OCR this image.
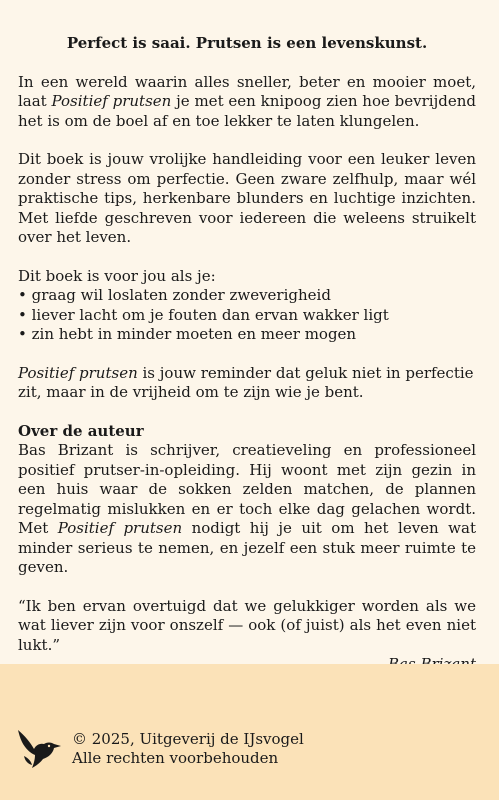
Perfect is saai. Prutsen is een levenskunst.

In een wereld waarin alles sneller, beter en mooier moet, laat Positief prutsen je met een knipoog zien hoe bevrijdend het is om de boel af en toe lekker te laten klungelen.

Dit boek is jouw vrolijke handleiding voor een leuker leven zonder stress om perfectie. Geen zware zelfhulp, maar wél praktische tips, herkenbare blunders en luchtige inzichten. Met liefde geschreven voor iedereen die weleens struikelt over het leven.

Dit boek is voor jou als je:
• graag wil loslaten zonder zweverigheid
• liever lacht om je fouten dan ervan wakker ligt
• zin hebt in minder moeten en meer mogen

Positief prutsen is jouw reminder dat geluk niet in perfectie zit, maar in de vrijheid om te zijn wie je bent.

Over de auteur

Bas Brizant is schrijver, creatieveling en professioneel positief prutser-in-opleiding. Hij woont met zijn gezin in een huis waar de sokken zelden matchen, de plannen regelmatig mislukken en er toch elke dag gelachen wordt. Met Positief prutsen nodigt hij je uit om het leven wat minder serieus te nemen, en jezelf een stuk meer ruimte te geven.

“Ik ben ervan overtuigd dat we gelukkiger worden als we wat liever zijn voor onszelf — ook (of juist) als het even niet lukt.”
© 2025, Uitgeverij de IJsvogel
Alle rechten voorbehouden
